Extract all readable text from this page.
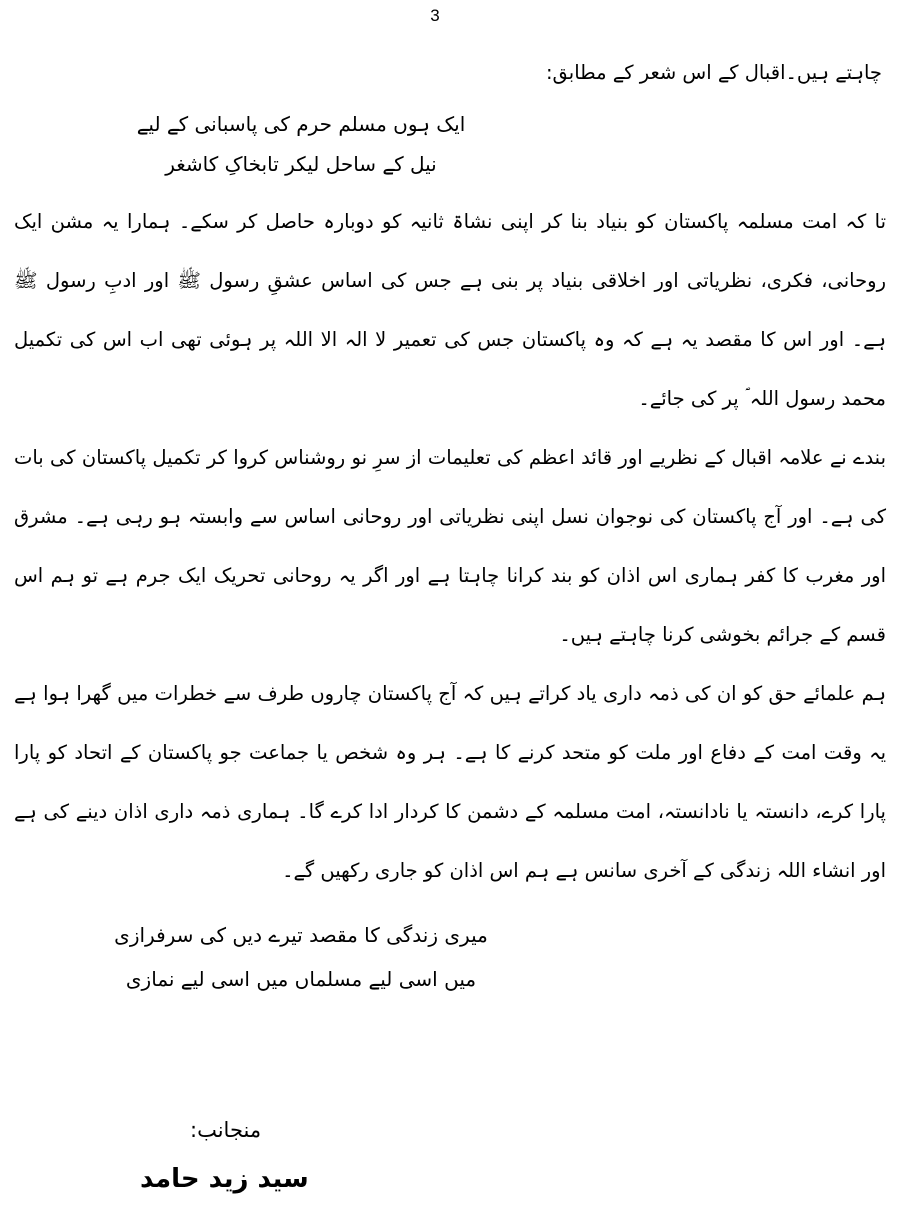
3
چاہتے ہیں۔اقبال کے اس شعر کے مطابق:
ایک ہوں مسلم حرم کی پاسبانی کے لیے
نیل کے ساحل لیکر تابخاکِ کاشغر

تا کہ امت مسلمہ پاکستان کو بنیاد بنا کر اپنی نشاۃ ثانیہ کو دوبارہ حاصل کر سکے۔ ہمارا یہ مشن ایک روحانی، فکری، نظریاتی اور اخلاقی بنیاد پر بنی ہے جس کی اساس عشقِ رسول ﷺ اور ادبِ رسول ﷺ ہے۔ اور اس کا مقصد یہ ہے کہ وہ پاکستان جس کی تعمیر لا الہ الا اللہ پر ہوئی تھی اب اس کی تکمیل محمد رسول اللہ ؐ پر کی جائے۔

بندے نے علامہ اقبال کے نظریے اور قائد اعظم کی تعلیمات از سرِ نو روشناس کروا کر تکمیل پاکستان کی بات کی ہے۔ اور آج پاکستان کی نوجوان نسل اپنی نظریاتی اور روحانی اساس سے وابستہ ہو رہی ہے۔ مشرق اور مغرب کا کفر ہماری اس اذان کو بند کرانا چاہتا ہے اور اگر یہ روحانی تحریک ایک جرم ہے تو ہم اس قسم کے جرائم بخوشی کرنا چاہتے ہیں۔

ہم علمائے حق کو ان کی ذمہ داری یاد کراتے ہیں کہ آج پاکستان چاروں طرف سے خطرات میں گھرا ہوا ہے یہ وقت امت کے دفاع اور ملت کو متحد کرنے کا ہے۔ ہر وہ شخص یا جماعت جو پاکستان کے اتحاد کو پارا پارا کرے، دانستہ یا نادانستہ، امت مسلمہ کے دشمن کا کردار ادا کرے گا۔ ہماری ذمہ داری اذان دینے کی ہے اور انشاء اللہ زندگی کے آخری سانس ہے ہم اس اذان کو جاری رکھیں گے۔

میری زندگی کا مقصد تیرے دیں کی سرفرازی
میں اسی لیے مسلماں میں اسی لیے نمازی
منجانب:
سید زید حامد
